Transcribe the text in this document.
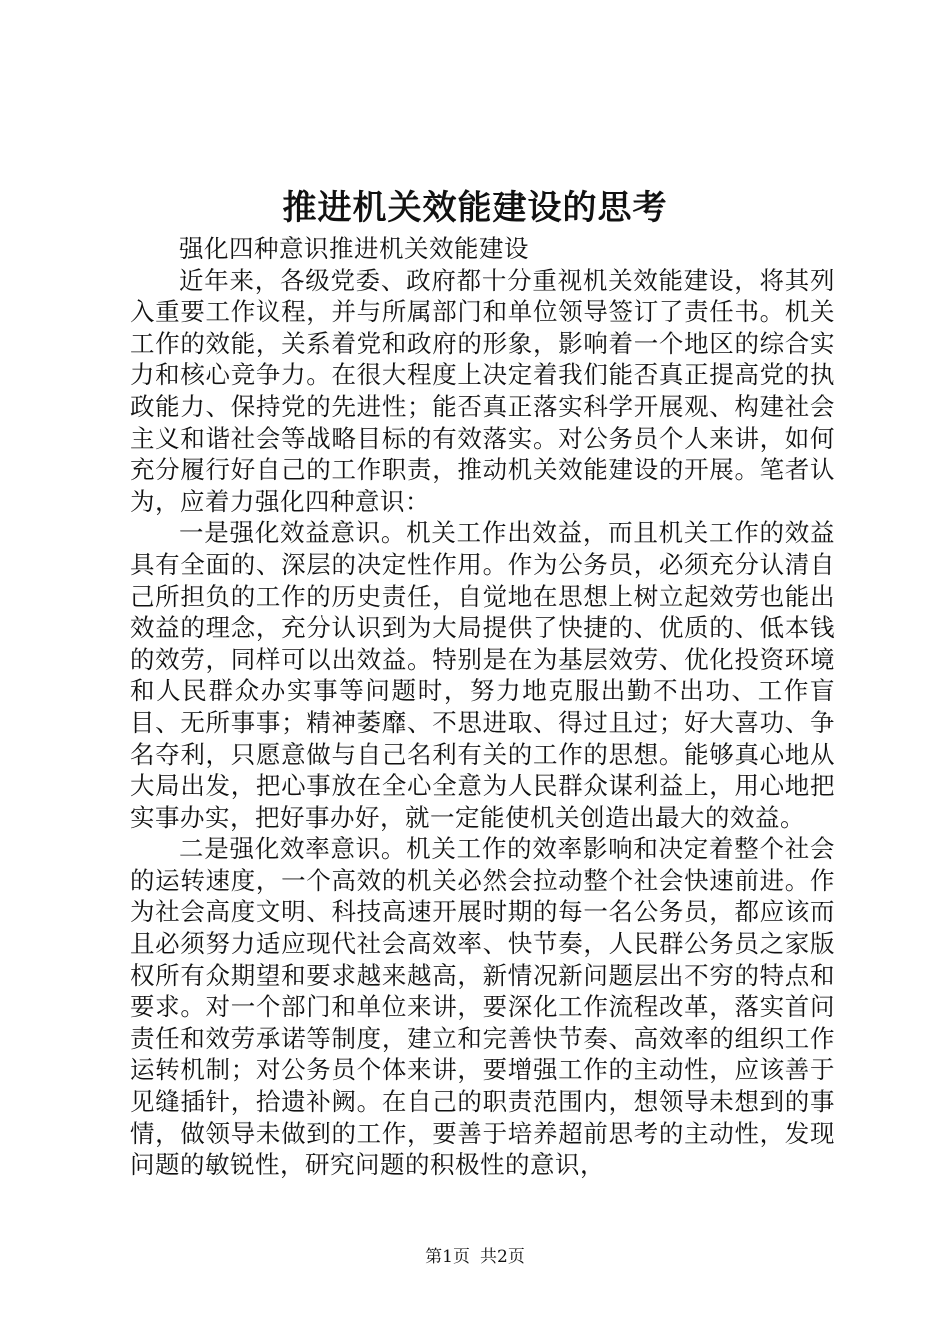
推进机关效能建设的思考

强化四种意识推进机关效能建设

近年来，各级党委、政府都十分重视机关效能建设，将其列入重要工作议程，并与所属部门和单位领导签订了责任书。机关工作的效能，关系着党和政府的形象，影响着一个地区的综合实力和核心竞争力。在很大程度上决定着我们能否真正提高党的执政能力、保持党的先进性；能否真正落实科学开展观、构建社会主义和谐社会等战略目标的有效落实。对公务员个人来讲，如何充分履行好自己的工作职责，推动机关效能建设的开展。笔者认为，应着力强化四种意识：

一是强化效益意识。机关工作出效益，而且机关工作的效益具有全面的、深层的决定性作用。作为公务员，必须充分认清自己所担负的工作的历史责任，自觉地在思想上树立起效劳也能出效益的理念，充分认识到为大局提供了快捷的、优质的、低本钱的效劳，同样可以出效益。特别是在为基层效劳、优化投资环境和人民群众办实事等问题时，努力地克服出勤不出功、工作盲目、无所事事；精神萎靡、不思进取、得过且过；好大喜功、争名夺利，只愿意做与自己名利有关的工作的思想。能够真心地从大局出发，把心事放在全心全意为人民群众谋利益上，用心地把实事办实，把好事办好，就一定能使机关创造出最大的效益。

二是强化效率意识。机关工作的效率影响和决定着整个社会的运转速度，一个高效的机关必然会拉动整个社会快速前进。作为社会高度文明、科技高速开展时期的每一名公务员，都应该而且必须努力适应现代社会高效率、快节奏，人民群公务员之家版权所有众期望和要求越来越高，新情况新问题层出不穷的特点和要求。对一个部门和单位来讲，要深化工作流程改革，落实首问责任和效劳承诺等制度，建立和完善快节奏、高效率的组织工作运转机制；对公务员个体来讲，要增强工作的主动性，应该善于见缝插针，拾遗补阙。在自己的职责范围内，想领导未想到的事情，做领导未做到的工作，要善于培养超前思考的主动性，发现问题的敏锐性，研究问题的积极性的意识，

第1页 共2页
